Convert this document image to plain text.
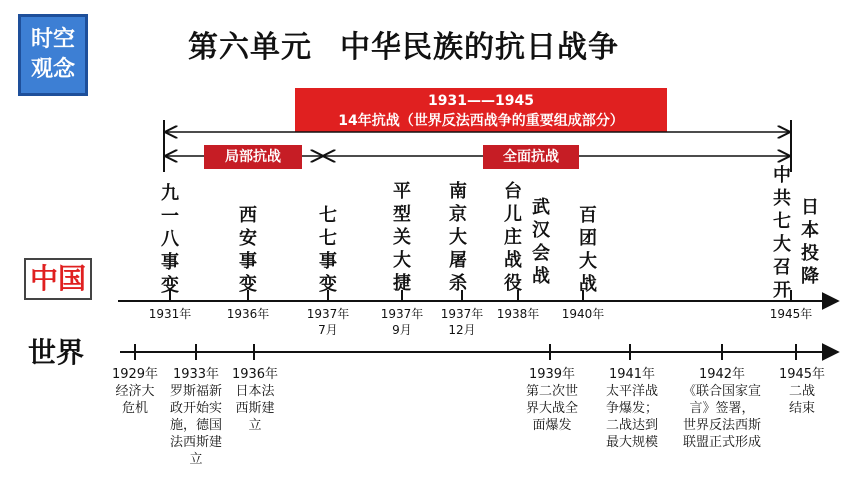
时空
观念
第六单元 中华民族的抗日战争
1931——1945
14年抗战（世界反法西战争的重要组成部分）
局部抗战	全面抗战
九一八事变
西安事变
七七事变
平型关大捷
南京大屠杀
台儿庄战役
武汉会战
百团大战
中共七大召开
日本投降
1931年	1936年	1937年
7月
1937年
9月
1937年
12月
1938年	1940年	1945年
中国
世界
1929年
经济大
危机
1933年
罗斯福新
政开始实
施，德国
法西斯建
立
1936年
日本法
西斯建
立
1939年
第二次世
界大战全
面爆发
1941年
太平洋战
争爆发；
二战达到
最大规模
1942年
《联合国家宣
言》签署，
世界反法西斯
联盟正式形成
1945年
二战
结束
